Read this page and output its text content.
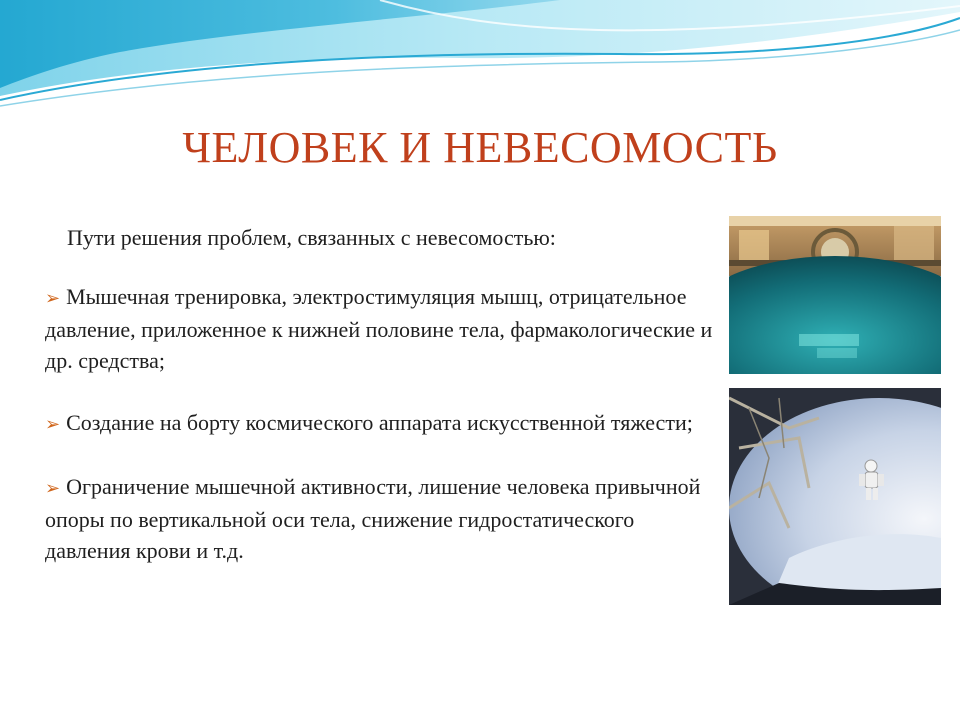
ЧЕЛОВЕК И НЕВЕСОМОСТЬ

Пути решения проблем, связанных с невесомостью:

➢ Мышечная тренировка, электростимуляция мышц, отрицательное давление, приложенное к нижней половине тела, фармакологические и др. средства;

➢ Создание на борту космического аппарата искусственной тяжести;

➢ Ограничение мышечной активности, лишение человека привычной опоры по вертикальной оси тела, снижение гидростатического давления крови и т.д.
